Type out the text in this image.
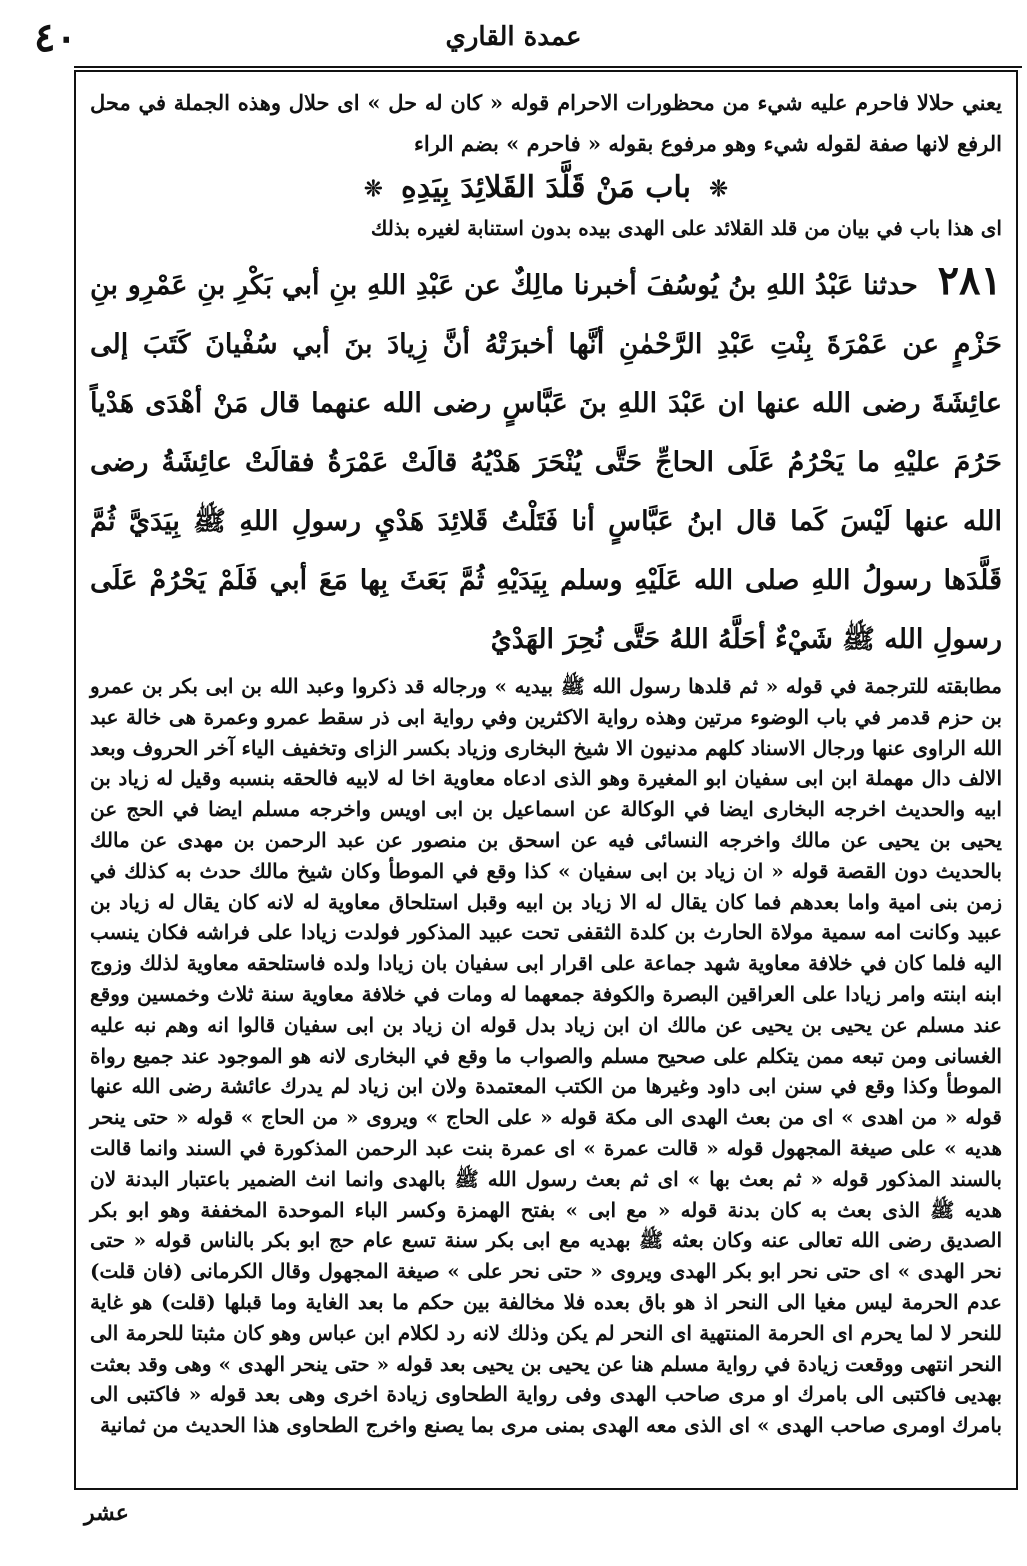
٤٠	عمدة القاري

يعني حلالا فاحرم عليه شيء من محظورات الاحرام قوله « كان له حل » اى حلال وهذه الجملة في محل الرفع لانها صفة لقوله شيء وهو مرفوع بقوله « فاحرم » بضم الراء

❊ باب مَنْ قَلَّدَ القَلائِدَ بِيَدِهِ ❊

اى هذا باب في بيان من قلد القلائد على الهدى بيده بدون استنابة لغيره بذلك

٢٨١ حدثنا عَبْدُ اللهِ بنُ يُوسُفَ أخبرنا مالِكٌ عن عَبْدِ اللهِ بنِ أبي بَكْرِ بنِ عَمْرِو بنِ حَزْمٍ عن عَمْرَةَ بِنْتِ عَبْدِ الرَّحْمٰنِ أنَّها أخبرَتْهُ أنَّ زِيادَ بنَ أبي سُفْيانَ كَتَبَ إلى عائِشَةَ رضى الله عنها ان عَبْدَ اللهِ بنَ عَبَّاسٍ رضى الله عنهما قال مَنْ أهْدَى هَدْياً حَرُمَ عليْهِ ما يَحْرُمُ عَلَى الحاجِّ حَتَّى يُنْحَرَ هَدْيُهُ قالَتْ عَمْرَةُ فقالَتْ عائِشَةُ رضى الله عنها لَيْسَ كَما قال ابنُ عَبَّاسٍ أنا فَتَلْتُ قَلائِدَ هَدْيِ رسولِ اللهِ ﷺ بِيَدَيَّ ثُمَّ قَلَّدَها رسولُ اللهِ صلى الله عَلَيْهِ وسلم بِيَدَيْهِ ثُمَّ بَعَثَ بِها مَعَ أبي فَلَمْ يَحْرُمْ عَلَى رسولِ الله ﷺ شَيْءٌ أحَلَّهُ اللهُ حَتَّى نُحِرَ الهَدْيُ

مطابقته للترجمة في قوله « ثم قلدها رسول الله ﷺ بيديه » ورجاله قد ذكروا وعبد الله بن ابى بكر بن عمرو بن حزم قدمر في باب الوضوء مرتين وهذه رواية الاكثرين وفي رواية ابى ذر سقط عمرو وعمرة هى خالة عبد الله الراوى عنها ورجال الاسناد كلهم مدنيون الا شيخ البخارى وزياد بكسر الزاى وتخفيف الياء آخر الحروف وبعد الالف دال مهملة ابن ابى سفيان ابو المغيرة وهو الذى ادعاه معاوية اخا له لابيه فالحقه بنسبه وقيل له زياد بن ابيه والحديث اخرجه البخارى ايضا في الوكالة عن اسماعيل بن ابى اويس واخرجه مسلم ايضا في الحج عن يحيى بن يحيى عن مالك واخرجه النسائى فيه عن اسحق بن منصور عن عبد الرحمن بن مهدى عن مالك بالحديث دون القصة قوله « ان زياد بن ابى سفيان » كذا وقع في الموطأ وكان شيخ مالك حدث به كذلك في زمن بنى امية واما بعدهم فما كان يقال له الا زياد بن ابيه وقبل استلحاق معاوية له لانه كان يقال له زياد بن عبيد وكانت امه سمية مولاة الحارث بن كلدة الثقفى تحت عبيد المذكور فولدت زيادا على فراشه فكان ينسب اليه فلما كان في خلافة معاوية شهد جماعة على اقرار ابى سفيان بان زيادا ولده فاستلحقه معاوية لذلك وزوج ابنه ابنته وامر زيادا على العراقين البصرة والكوفة جمعهما له ومات في خلافة معاوية سنة ثلاث وخمسين ووقع عند مسلم عن يحيى بن يحيى عن مالك ان ابن زياد بدل قوله ان زياد بن ابى سفيان قالوا انه وهم نبه عليه الغسانى ومن تبعه ممن يتكلم على صحيح مسلم والصواب ما وقع في البخارى لانه هو الموجود عند جميع رواة الموطأ وكذا وقع في سنن ابى داود وغيرها من الكتب المعتمدة ولان ابن زياد لم يدرك عائشة رضى الله عنها قوله « من اهدى » اى من بعث الهدى الى مكة قوله « على الحاج » ويروى « من الحاج » قوله « حتى ينحر هديه » على صيغة المجهول قوله « قالت عمرة » اى عمرة بنت عبد الرحمن المذكورة في السند وانما قالت بالسند المذكور قوله « ثم بعث بها » اى ثم بعث رسول الله ﷺ بالهدى وانما انث الضمير باعتبار البدنة لان هديه ﷺ الذى بعث به كان بدنة قوله « مع ابى » بفتح الهمزة وكسر الباء الموحدة المخففة وهو ابو بكر الصديق رضى الله تعالى عنه وكان بعثه ﷺ بهديه مع ابى بكر سنة تسع عام حج ابو بكر بالناس قوله « حتى نحر الهدى » اى حتى نحر ابو بكر الهدى ويروى « حتى نحر على » صيغة المجهول وقال الكرمانى (فان قلت) عدم الحرمة ليس مغيا الى النحر اذ هو باق بعده فلا مخالفة بين حكم ما بعد الغاية وما قبلها (قلت) هو غاية للنحر لا لما يحرم اى الحرمة المنتهية اى النحر لم يكن وذلك لانه رد لكلام ابن عباس وهو كان مثبتا للحرمة الى النحر انتهى ووقعت زيادة في رواية مسلم هنا عن يحيى بن يحيى بعد قوله « حتى ينحر الهدى » وهى وقد بعثت بهديى فاكتبى الى بامرك او مرى صاحب الهدى وفى رواية الطحاوى زيادة اخرى وهى بعد قوله « فاكتبى الى بامرك اومرى صاحب الهدى » اى الذى معه الهدى بمنى مرى بما يصنع واخرج الطحاوى هذا الحديث من ثمانية

عشر
